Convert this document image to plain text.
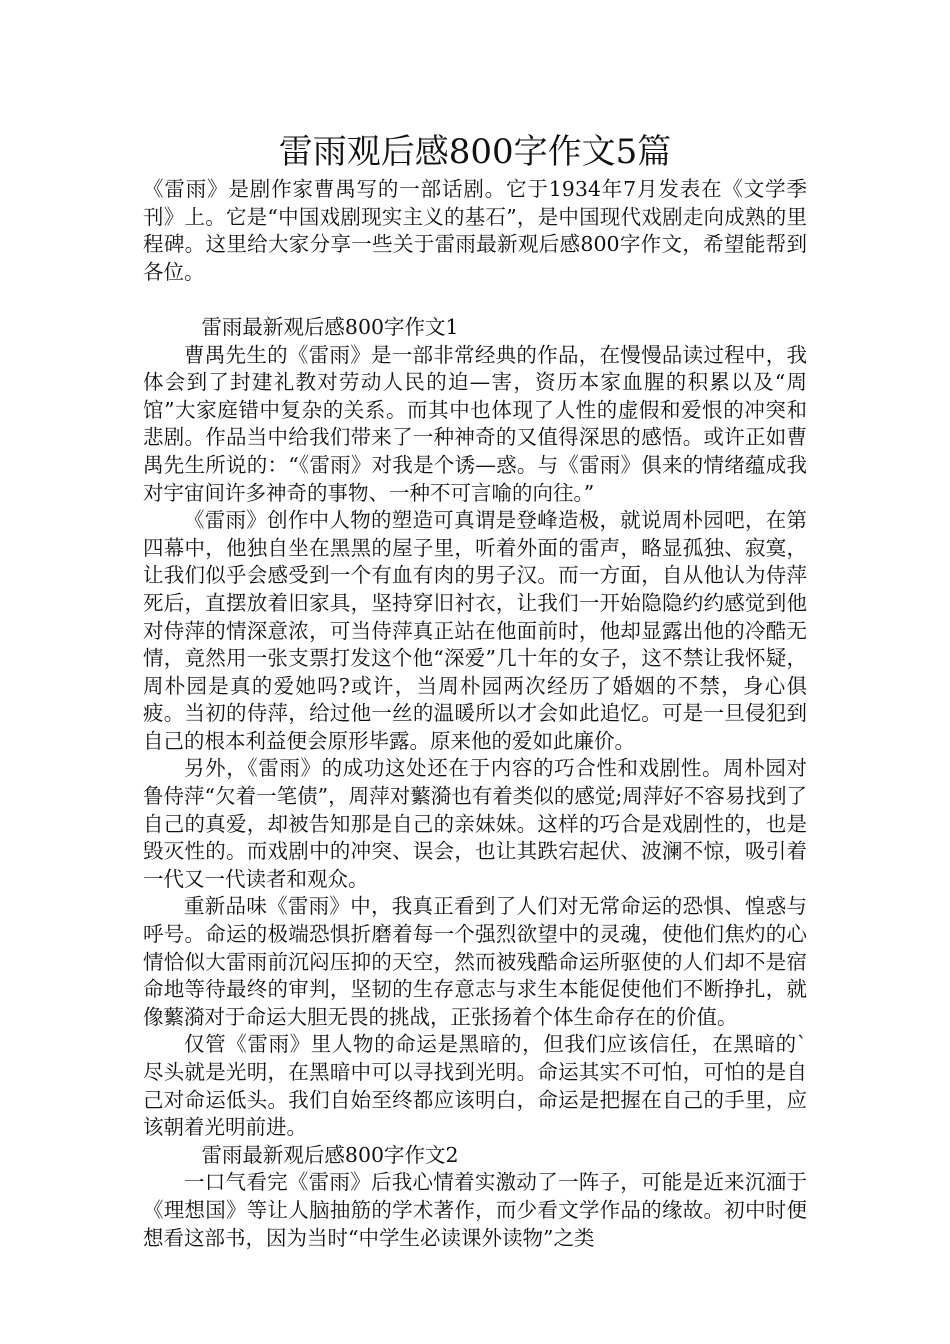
雷雨观后感800字作文5篇

《雷雨》是剧作家曹禺写的一部话剧。它于1934年7月发表在《文学季刊》上。它是“中国戏剧现实主义的基石”，是中国现代戏剧走向成熟的里程碑。这里给大家分享一些关于雷雨最新观后感800字作文，希望能帮到各位。

雷雨最新观后感800字作文1

曹禺先生的《雷雨》是一部非常经典的作品，在慢慢品读过程中，我体会到了封建礼教对劳动人民的迫—害，资历本家血腥的积累以及“周馆”大家庭错中复杂的关系。而其中也体现了人性的虚假和爱恨的冲突和悲剧。作品当中给我们带来了一种神奇的又值得深思的感悟。或许正如曹禺先生所说的：“《雷雨》对我是个诱—惑。与《雷雨》俱来的情绪蕴成我对宇宙间许多神奇的事物、一种不可言喻的向往。”

《雷雨》创作中人物的塑造可真谓是登峰造极，就说周朴园吧，在第四幕中，他独自坐在黑黑的屋子里，听着外面的雷声，略显孤独、寂寞，让我们似乎会感受到一个有血有肉的男子汉。而一方面，自从他认为侍萍死后，直摆放着旧家具，坚持穿旧衬衣，让我们一开始隐隐约约感觉到他对侍萍的情深意浓，可当侍萍真正站在他面前时，他却显露出他的冷酷无情，竟然用一张支票打发这个他“深爱”几十年的女子，这不禁让我怀疑，周朴园是真的爱她吗?或许，当周朴园两次经历了婚姻的不禁，身心俱疲。当初的侍萍，给过他一丝的温暖所以才会如此追忆。可是一旦侵犯到自己的根本利益便会原形毕露。原来他的爱如此廉价。

另外，《雷雨》的成功这处还在于内容的巧合性和戏剧性。周朴园对鲁侍萍“欠着一笔债”，周萍对蘩漪也有着类似的感觉;周萍好不容易找到了自己的真爱，却被告知那是自己的亲妹妹。这样的巧合是戏剧性的，也是毁灭性的。而戏剧中的冲突、误会，也让其跌宕起伏、波澜不惊，吸引着一代又一代读者和观众。

重新品味《雷雨》中，我真正看到了人们对无常命运的恐惧、惶惑与呼号。命运的极端恐惧折磨着每一个强烈欲望中的灵魂，使他们焦灼的心情恰似大雷雨前沉闷压抑的天空，然而被残酷命运所驱使的人们却不是宿命地等待最终的审判，坚韧的生存意志与求生本能促使他们不断挣扎，就像蘩漪对于命运大胆无畏的挑战，正张扬着个体生命存在的价值。

仅管《雷雨》里人物的命运是黑暗的，但我们应该信任，在黑暗的`尽头就是光明，在黑暗中可以寻找到光明。命运其实不可怕，可怕的是自己对命运低头。我们自始至终都应该明白，命运是把握在自己的手里，应该朝着光明前进。

雷雨最新观后感800字作文2

一口气看完《雷雨》后我心情着实激动了一阵子，可能是近来沉湎于《理想国》等让人脑抽筋的学术著作，而少看文学作品的缘故。初中时便想看这部书，因为当时“中学生必读课外读物”之类
